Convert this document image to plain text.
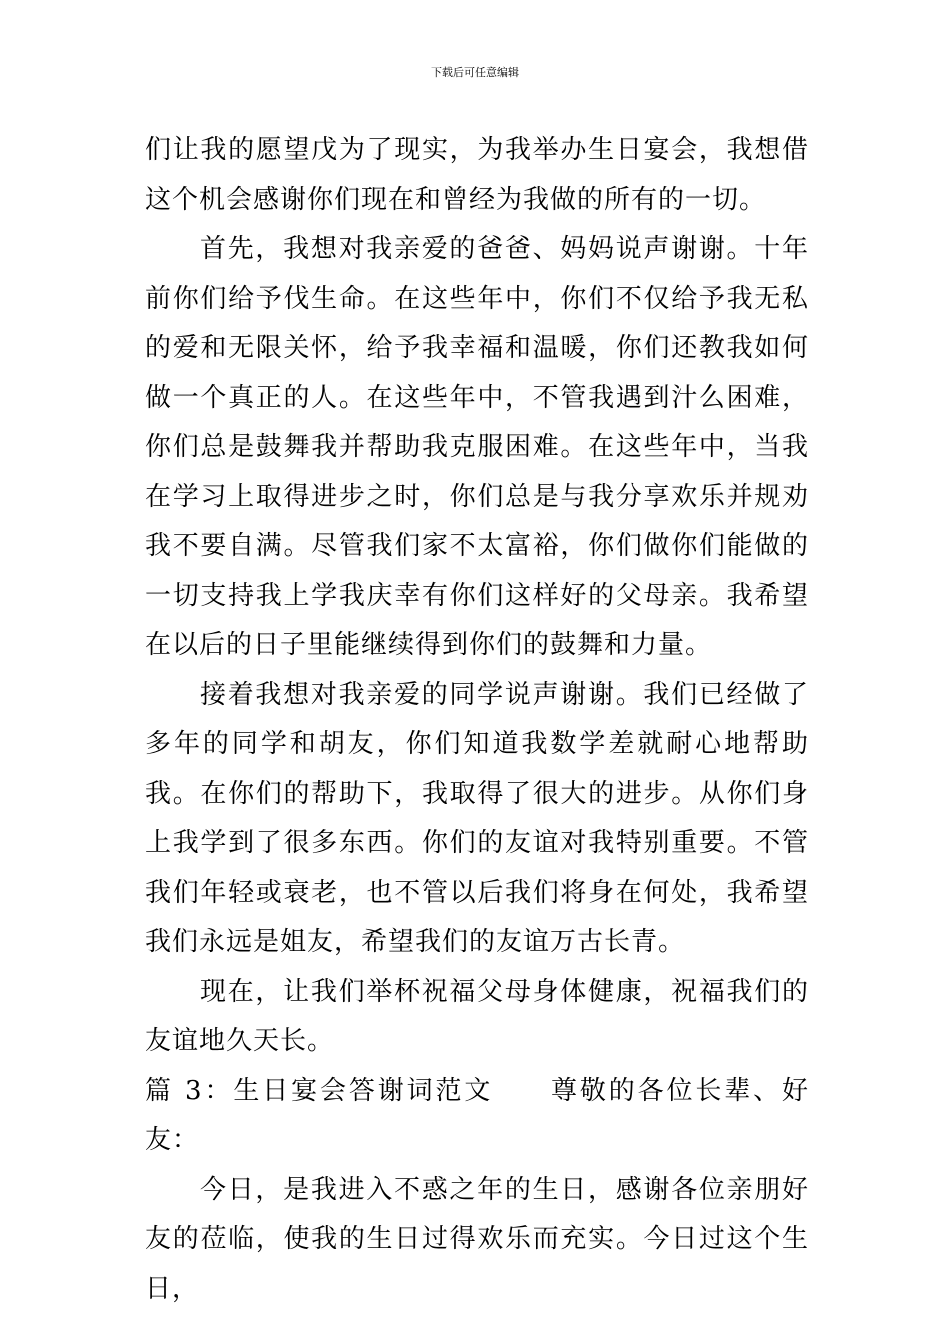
下载后可任意编辑

们让我的愿望戊为了现实，为我举办生日宴会，我想借这个机会感谢你们现在和曾经为我做的所有的一切。

首先，我想对我亲爱的爸爸、妈妈说声谢谢。十年前你们给予伐生命。在这些年中，你们不仅给予我无私的爱和无限关怀，给予我幸福和温暖，你们还教我如何做一个真正的人。在这些年中，不管我遇到汁么困难，你们总是鼓舞我并帮助我克服困难。在这些年中，当我在学习上取得进步之时，你们总是与我分享欢乐并规劝我不要自满。尽管我们家不太富裕，你们做你们能做的一切支持我上学我庆幸有你们这样好的父母亲。我希望在以后的日子里能继续得到你们的鼓舞和力量。

接着我想对我亲爱的同学说声谢谢。我们已经做了多年的同学和胡友，你们知道我数学差就耐心地帮助我。在你们的帮助下，我取得了很大的进步。从你们身上我学到了很多东西。你们的友谊对我特别重要。不管我们年轻或衰老，也不管以后我们将身在何处，我希望我们永远是姐友，希望我们的友谊万古长青。

现在，让我们举杯祝福父母身体健康，祝福我们的友谊地久天长。

篇 3：生日宴会答谢词范文　　尊敬的各位长辈、好友：

今日，是我进入不惑之年的生日，感谢各位亲朋好友的莅临，使我的生日过得欢乐而充实。今日过这个生日，
